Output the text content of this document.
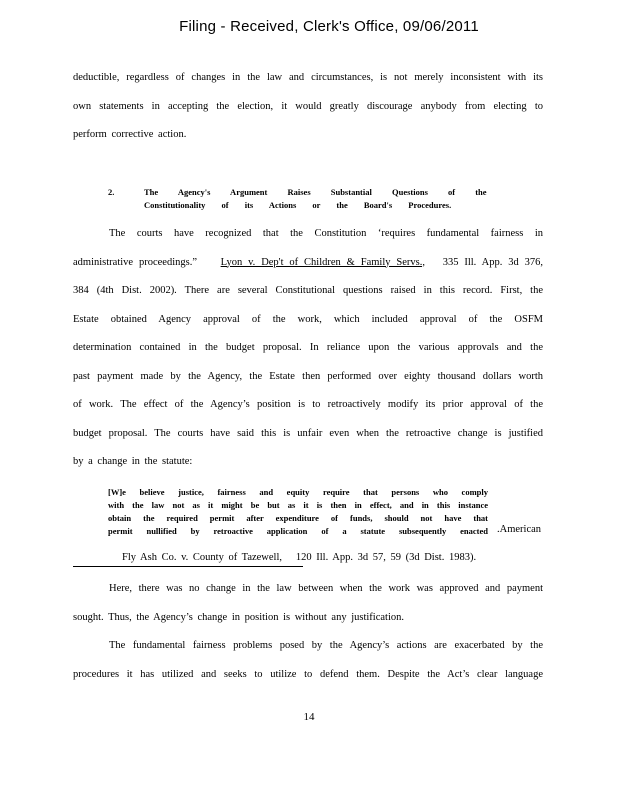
Filing - Received, Clerk's Office, 09/06/2011
deductible, regardless of changes in the law and circumstances, is not merely inconsistent with its
own statements in accepting the election, it would greatly discourage anybody from electing to
perform corrective action.
2.	The Agency's Argument Raises Substantial Questions of the
Constitutionality of its Actions or the Board's Procedures.
The courts have recognized that the Constitution ‘requires fundamental fairness in
administrative proceedings.” Lyon v. Dep't of Children & Family Servs., 335 Ill. App. 3d 376,
384 (4th Dist. 2002). There are several Constitutional questions raised in this record. First, the
Estate obtained Agency approval of the work, which included approval of the OSFM
determination contained in the budget proposal. In reliance upon the various approvals and the
past payment made by the Agency, the Estate then performed over eighty thousand dollars worth
of work. The effect of the Agency’s position is to retroactively modify its prior approval of the
budget proposal. The courts have said this is unfair even when the retroactive change is justified
by a change in the statute:
[W]e believe justice, fairness and equity require that persons who comply
with the law not as it might be but as it is then in effect, and in this instance
obtain the required permit after expenditure of funds, should not have that
permit nullified by retroactive application of a statute subsequently enacted .American
Fly Ash Co. v. County of Tazewell, 120 Ill. App. 3d 57, 59 (3d Dist. 1983).
Here, there was no change in the law between when the work was approved and payment
sought. Thus, the Agency’s change in position is without any justification.
The fundamental fairness problems posed by the Agency’s actions are exacerbated by the
procedures it has utilized and seeks to utilize to defend them. Despite the Act’s clear language
14
